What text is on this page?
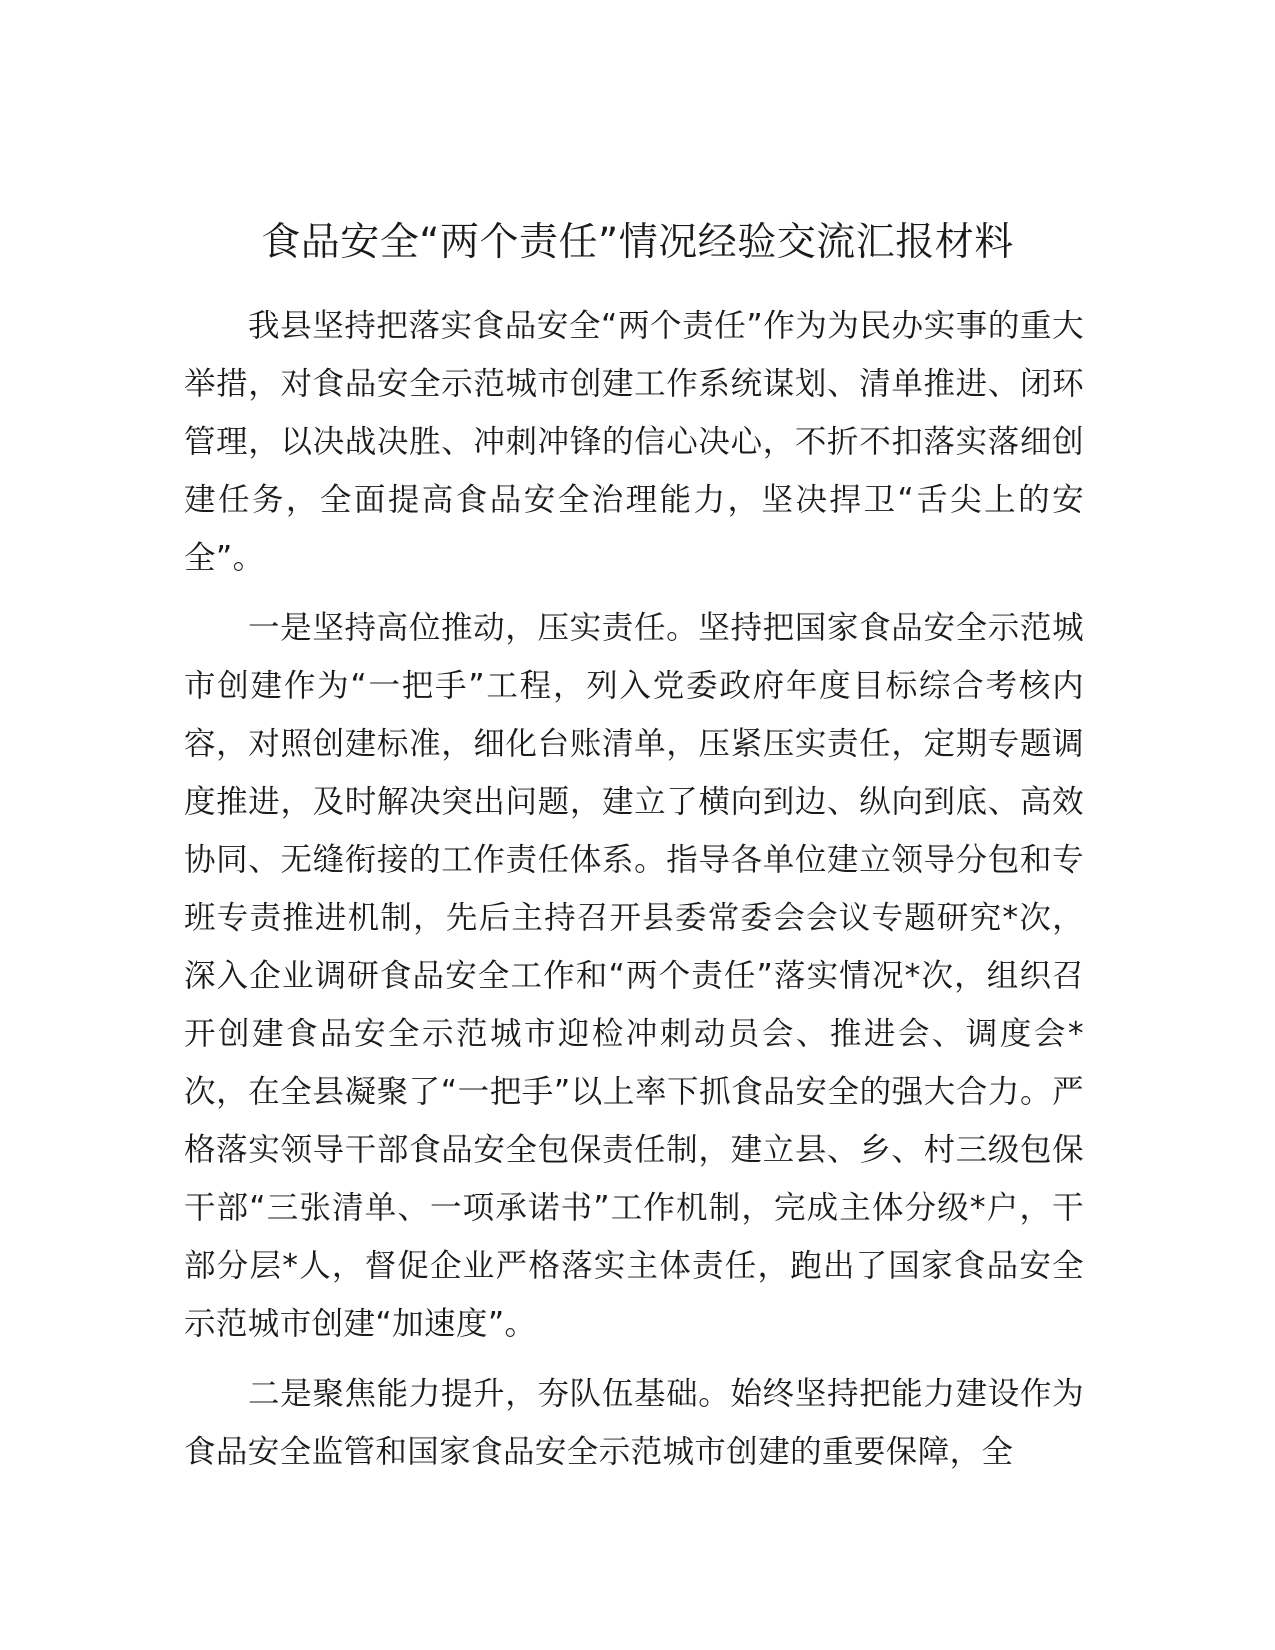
食品安全“两个责任”情况经验交流汇报材料

我县坚持把落实食品安全“两个责任”作为为民办实事的重大举措，对食品安全示范城市创建工作系统谋划、清单推进、闭环管理，以决战决胜、冲刺冲锋的信心决心，不折不扣落实落细创建任务，全面提高食品安全治理能力，坚决捍卫“舌尖上的安全”。

一是坚持高位推动，压实责任。坚持把国家食品安全示范城市创建作为“一把手”工程，列入党委政府年度目标综合考核内容，对照创建标准，细化台账清单，压紧压实责任，定期专题调度推进，及时解决突出问题，建立了横向到边、纵向到底、高效协同、无缝衔接的工作责任体系。指导各单位建立领导分包和专班专责推进机制，先后主持召开县委常委会会议专题研究*次，深入企业调研食品安全工作和“两个责任”落实情况*次，组织召开创建食品安全示范城市迎检冲刺动员会、推进会、调度会*次，在全县凝聚了“一把手”以上率下抓食品安全的强大合力。严格落实领导干部食品安全包保责任制，建立县、乡、村三级包保干部“三张清单、一项承诺书”工作机制，完成主体分级*户，干部分层*人，督促企业严格落实主体责任，跑出了国家食品安全示范城市创建“加速度”。

二是聚焦能力提升，夯队伍基础。始终坚持把能力建设作为食品安全监管和国家食品安全示范城市创建的重要保障，全
